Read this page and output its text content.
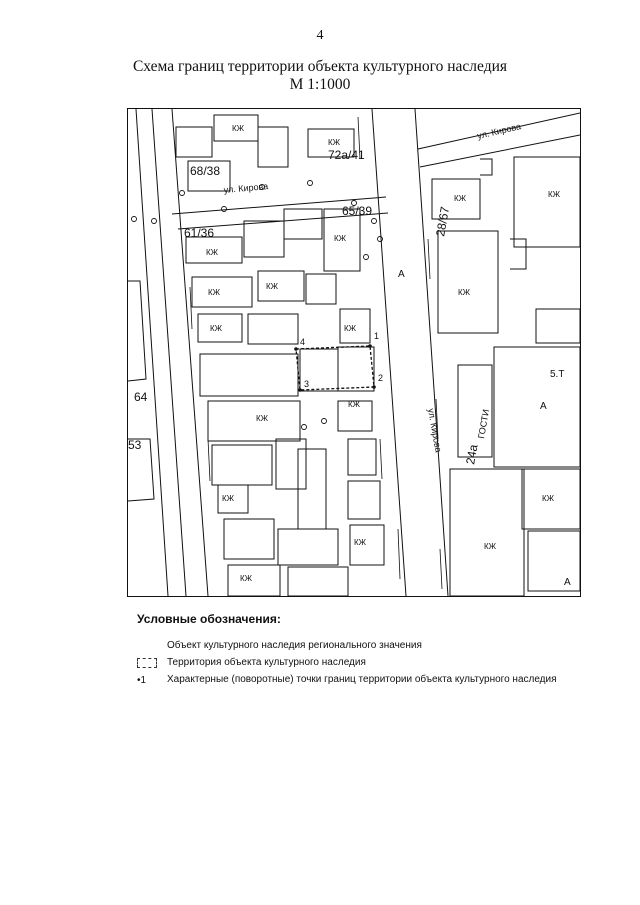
4
Схема границ территории объекта культурного наследия
М 1:1000
1
2
3
4
68/38
72а/41
65/39
61/36	28/67
64
53	24а
ул. Кирова
ул. Кирова
ул. Кирова
А
А
А
ГОСТИ
5.Т
КЖ
КЖ
КЖ
КЖ
КЖ
КЖ
КЖ	КЖ
КЖ
КЖ
КЖ
КЖ
КЖ
КЖ
КЖ
КЖ
КЖ
КЖ
Условные обозначения:
Объект культурного наследия регионального значения
Территория объекта культурного наследия
•1	Характерные (поворотные) точки границ территории объекта культурного наследия
